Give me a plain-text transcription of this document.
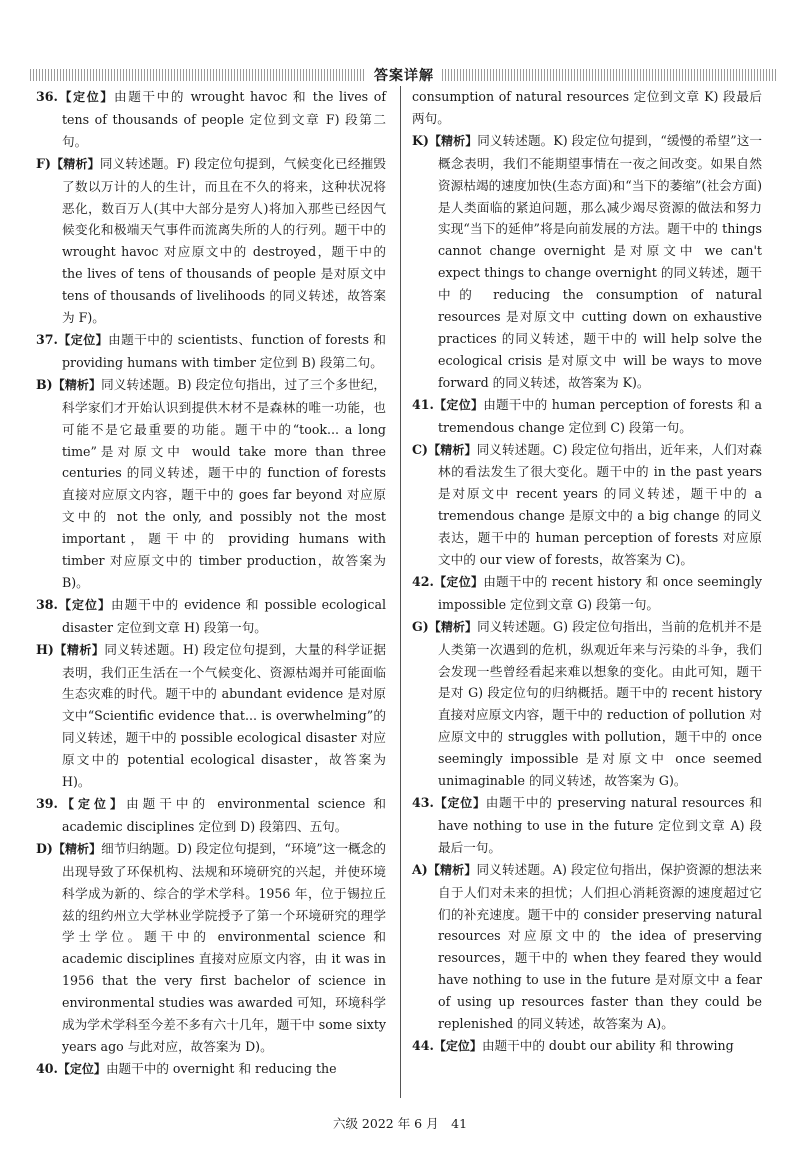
答案详解

36.【定位】由题干中的 wrought havoc 和 the lives of tens of thousands of people 定位到文章 F) 段第二句。

F)【精析】同义转述题。F) 段定位句提到，气候变化已经摧毁了数以万计的人的生计，而且在不久的将来，这种状况将恶化，数百万人(其中大部分是穷人)将加入那些已经因气候变化和极端天气事件而流离失所的人的行列。题干中的 wrought havoc 对应原文中的 destroyed，题干中的 the lives of tens of thousands of people 是对原文中 tens of thousands of livelihoods 的同义转述，故答案为 F)。

37.【定位】由题干中的 scientists、function of forests 和 providing humans with timber 定位到 B) 段第二句。

B)【精析】同义转述题。B) 段定位句指出，过了三个多世纪，科学家们才开始认识到提供木材不是森林的唯一功能，也可能不是它最重要的功能。题干中的“took... a long time”是对原文中 would take more than three centuries 的同义转述，题干中的 function of forests 直接对应原文内容，题干中的 goes far beyond 对应原文中的 not the only, and possibly not the most important，题干中的 providing humans with timber 对应原文中的 timber production，故答案为 B)。

38.【定位】由题干中的 evidence 和 possible ecological disaster 定位到文章 H) 段第一句。

H)【精析】同义转述题。H) 段定位句提到，大量的科学证据表明，我们正生活在一个气候变化、资源枯竭并可能面临生态灾难的时代。题干中的 abundant evidence 是对原文中“Scientific evidence that... is overwhelming”的同义转述，题干中的 possible ecological disaster 对应原文中的 potential ecological disaster，故答案为 H)。

39.【定位】由题干中的 environmental science 和 academic disciplines 定位到 D) 段第四、五句。

D)【精析】细节归纳题。D) 段定位句提到，“环境”这一概念的出现导致了环保机构、法规和环境研究的兴起，并使环境科学成为新的、综合的学术学科。1956 年，位于锡拉丘兹的纽约州立大学林业学院授予了第一个环境研究的理学学士学位。题干中的 environmental science 和 academic disciplines 直接对应原文内容，由 it was in 1956 that the very first bachelor of science in environmental studies was awarded 可知，环境科学成为学术学科至今差不多有六十几年，题干中 some sixty years ago 与此对应，故答案为 D)。

40.【定位】由题干中的 overnight 和 reducing the

consumption of natural resources 定位到文章 K) 段最后两句。

K)【精析】同义转述题。K) 段定位句提到，“缓慢的希望”这一概念表明，我们不能期望事情在一夜之间改变。如果自然资源枯竭的速度加快(生态方面)和“当下的萎缩”(社会方面)是人类面临的紧迫问题，那么减少竭尽资源的做法和努力实现“当下的延伸”将是向前发展的方法。题干中的 things cannot change overnight 是对原文中 we can't expect things to change overnight 的同义转述，题干中的 reducing the consumption of natural resources 是对原文中 cutting down on exhaustive practices 的同义转述，题干中的 will help solve the ecological crisis 是对原文中 will be ways to move forward 的同义转述，故答案为 K)。

41.【定位】由题干中的 human perception of forests 和 a tremendous change 定位到 C) 段第一句。

C)【精析】同义转述题。C) 段定位句指出，近年来，人们对森林的看法发生了很大变化。题干中的 in the past years 是对原文中 recent years 的同义转述，题干中的 a tremendous change 是原文中的 a big change 的同义表达，题干中的 human perception of forests 对应原文中的 our view of forests，故答案为 C)。

42.【定位】由题干中的 recent history 和 once seemingly impossible 定位到文章 G) 段第一句。

G)【精析】同义转述题。G) 段定位句指出，当前的危机并不是人类第一次遇到的危机，纵观近年来与污染的斗争，我们会发现一些曾经看起来难以想象的变化。由此可知，题干是对 G) 段定位句的归纳概括。题干中的 recent history 直接对应原文内容，题干中的 reduction of pollution 对应原文中的 struggles with pollution，题干中的 once seemingly impossible 是对原文中 once seemed unimaginable 的同义转述，故答案为 G)。

43.【定位】由题干中的 preserving natural resources 和 have nothing to use in the future 定位到文章 A) 段最后一句。

A)【精析】同义转述题。A) 段定位句指出，保护资源的想法来自于人们对未来的担忧；人们担心消耗资源的速度超过它们的补充速度。题干中的 consider preserving natural resources 对应原文中的 the idea of preserving resources，题干中的 when they feared they would have nothing to use in the future 是对原文中 a fear of using up resources faster than they could be replenished 的同义转述，故答案为 A)。

44.【定位】由题干中的 doubt our ability 和 throwing

六级 2022 年 6 月　41
